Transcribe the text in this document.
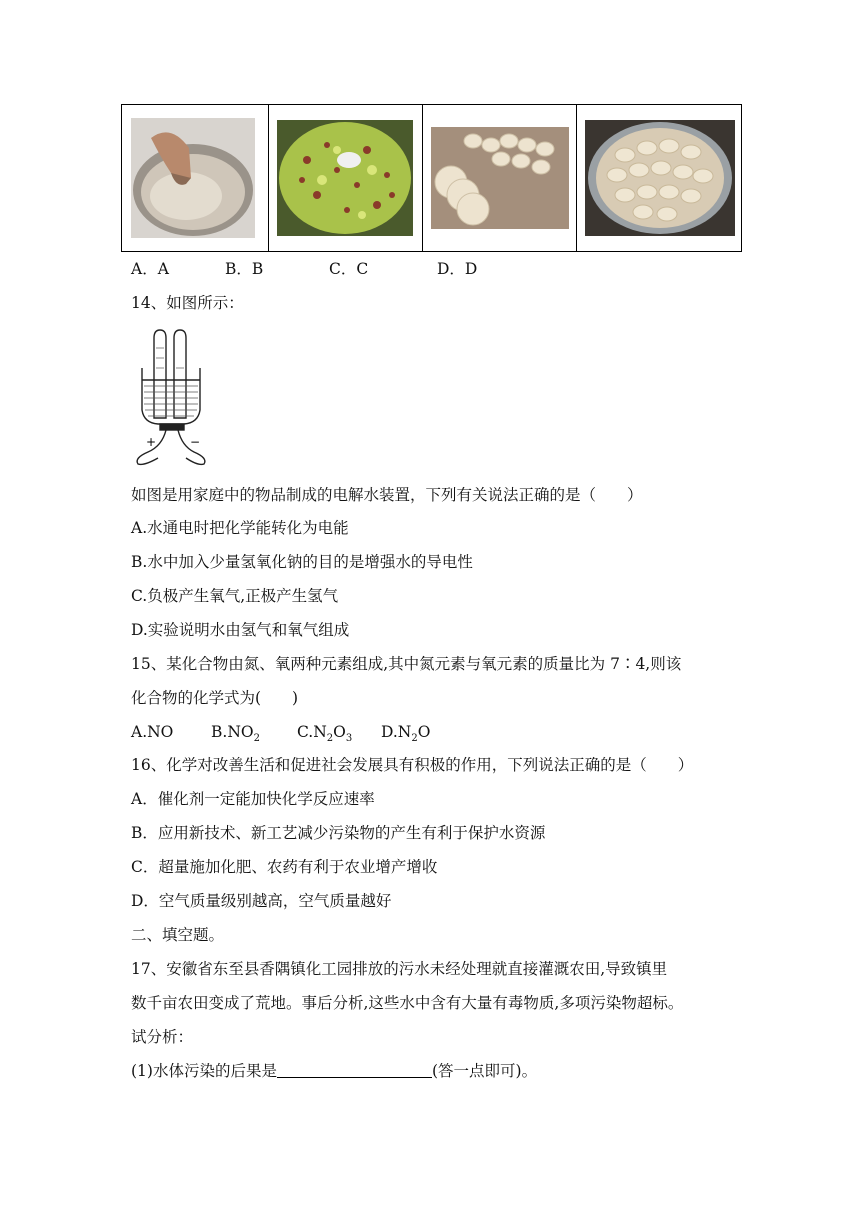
A．A	B．B	C．C	D．D
14、如图所示：
+	−
如图是用家庭中的物品制成的电解水装置，下列有关说法正确的是（　　）
A.水通电时把化学能转化为电能
B.水中加入少量氢氧化钠的目的是增强水的导电性
C.负极产生氧气,正极产生氢气
D.实验说明水由氢气和氧气组成
15、某化合物由氮、氧两种元素组成,其中氮元素与氧元素的质量比为 7∶4,则该
化合物的化学式为(　　)
A.NO $B.NO_2$ $C.N_2O_3$ $D.N_2O$
16、化学对改善生活和促进社会发展具有积极的作用，下列说法正确的是（　　）
A．催化剂一定能加快化学反应速率
B．应用新技术、新工艺减少污染物的产生有利于保护水资源
C．超量施加化肥、农药有利于农业增产增收
D．空气质量级别越高，空气质量越好
二、填空题。
17、安徽省东至县香隅镇化工园排放的污水未经处理就直接灌溉农田,导致镇里
数千亩农田变成了荒地。事后分析,这些水中含有大量有毒物质,多项污染物超标。
试分析：
(1)水体污染的后果是	(答一点即可)。
